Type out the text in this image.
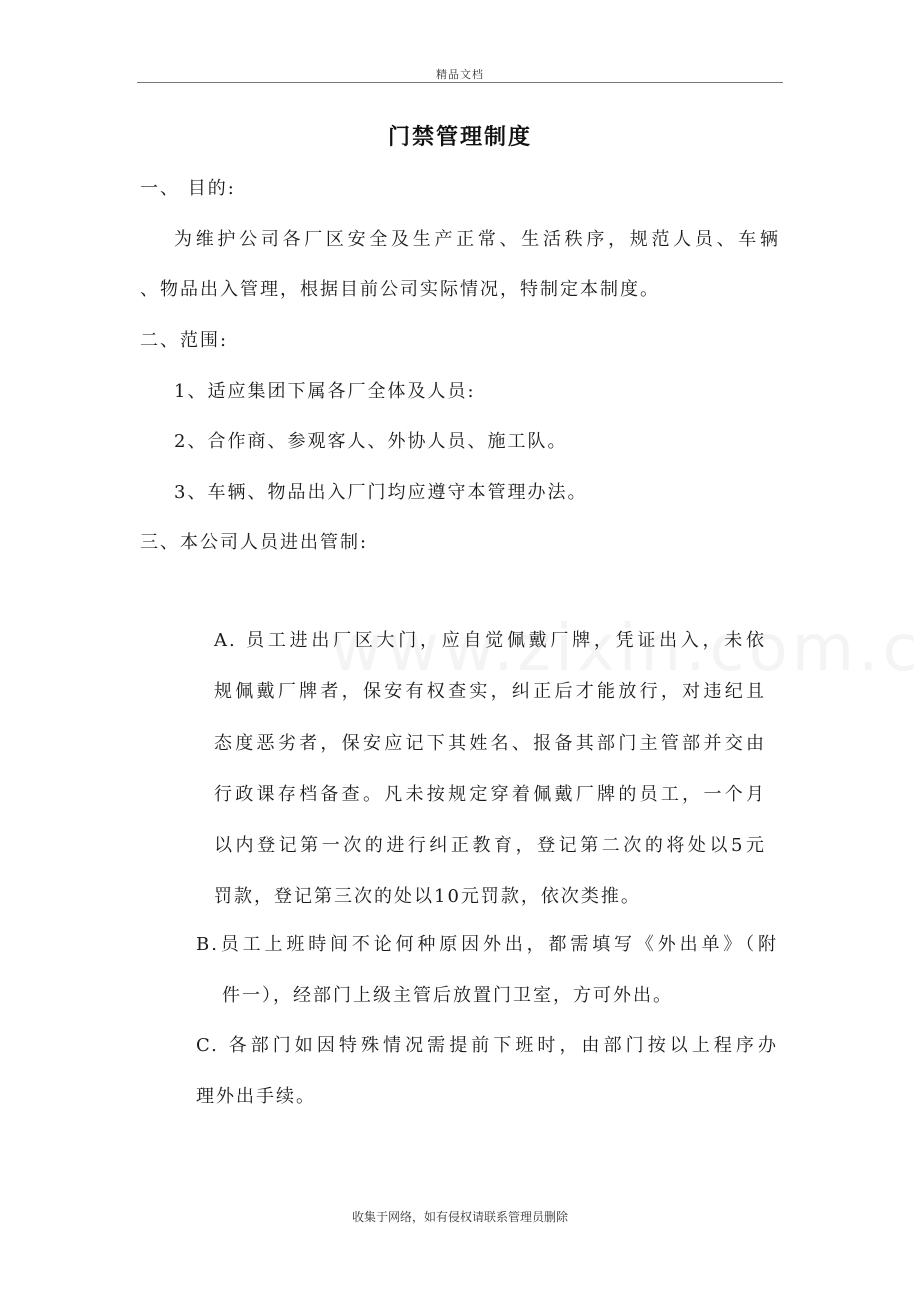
精品文档
门禁管理制度
一、 目的:
为维护公司各厂区安全及生产正常、生活秩序，规范人员、车辆
、物品出入管理，根据目前公司实际情况，特制定本制度。
二、范围:
1、适应集团下属各厂全体及人员:
2、合作商、参观客人、外协人员、施工队。
3、车辆、物品出入厂门均应遵守本管理办法。
三、本公司人员进出管制:
A. 员工进出厂区大门，应自觉佩戴厂牌，凭证出入，未依
规佩戴厂牌者，保安有权查实，纠正后才能放行，对违纪且
态度恶劣者，保安应记下其姓名、报备其部门主管部并交由
行政课存档备查。凡未按规定穿着佩戴厂牌的员工，一个月
以内登记第一次的进行纠正教育，登记第二次的将处以5元
罚款，登记第三次的处以10元罚款，依次类推。
B.员工上班時间不论何种原因外出，都需填写《外出单》（附
件一），经部门上级主管后放置门卫室，方可外出。
C. 各部门如因特殊情况需提前下班时，由部门按以上程序办
理外出手续。
收集于网络，如有侵权请联系管理员删除
